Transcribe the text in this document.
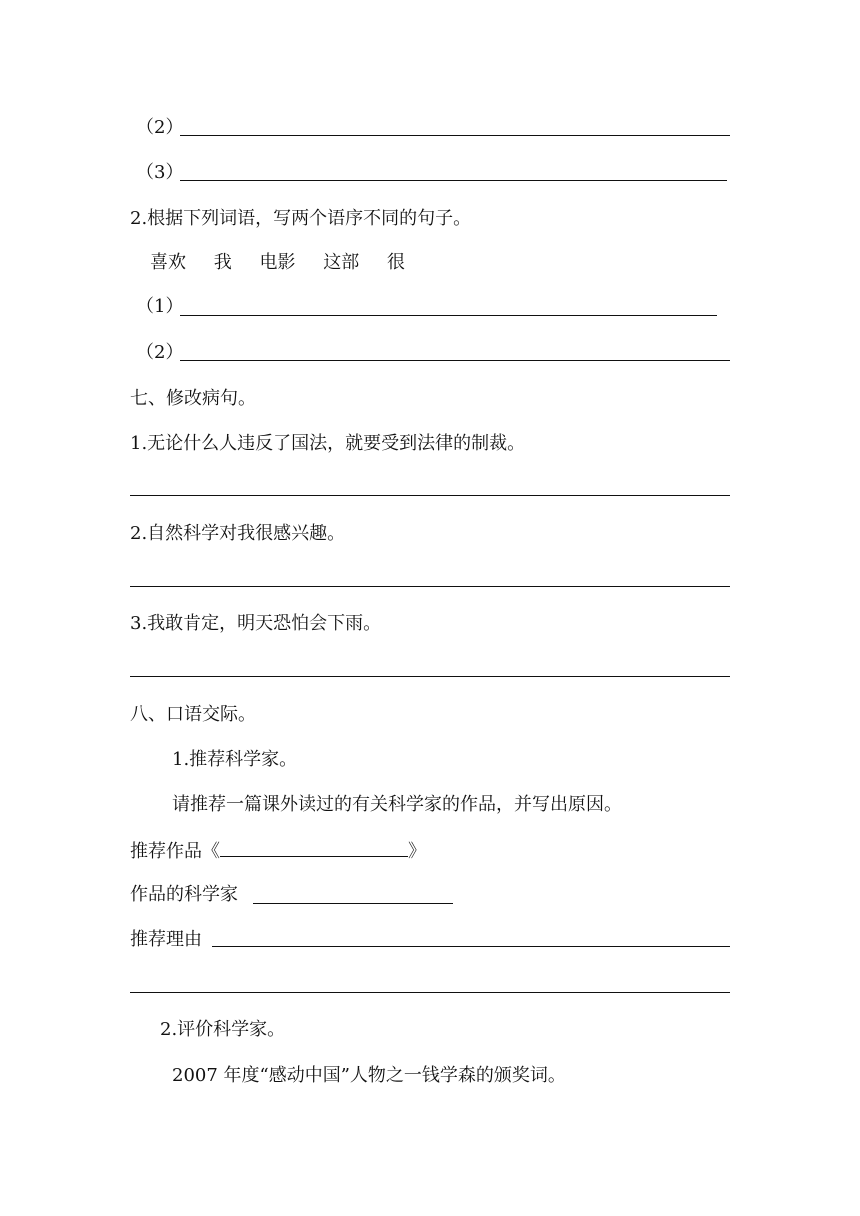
（2）
（3）
2.根据下列词语，写两个语序不同的句子。
喜欢 我 电影 这部 很
（1）
（2）
七、修改病句。
1.无论什么人违反了国法，就要受到法律的制裁。
2.自然科学对我很感兴趣。
3.我敢肯定，明天恐怕会下雨。
八、口语交际。
1.推荐科学家。
请推荐一篇课外读过的有关科学家的作品，并写出原因。
推荐作品《	》
作品的科学家
推荐理由
2.评价科学家。
2007 年度“感动中国”人物之一钱学森的颁奖词。
